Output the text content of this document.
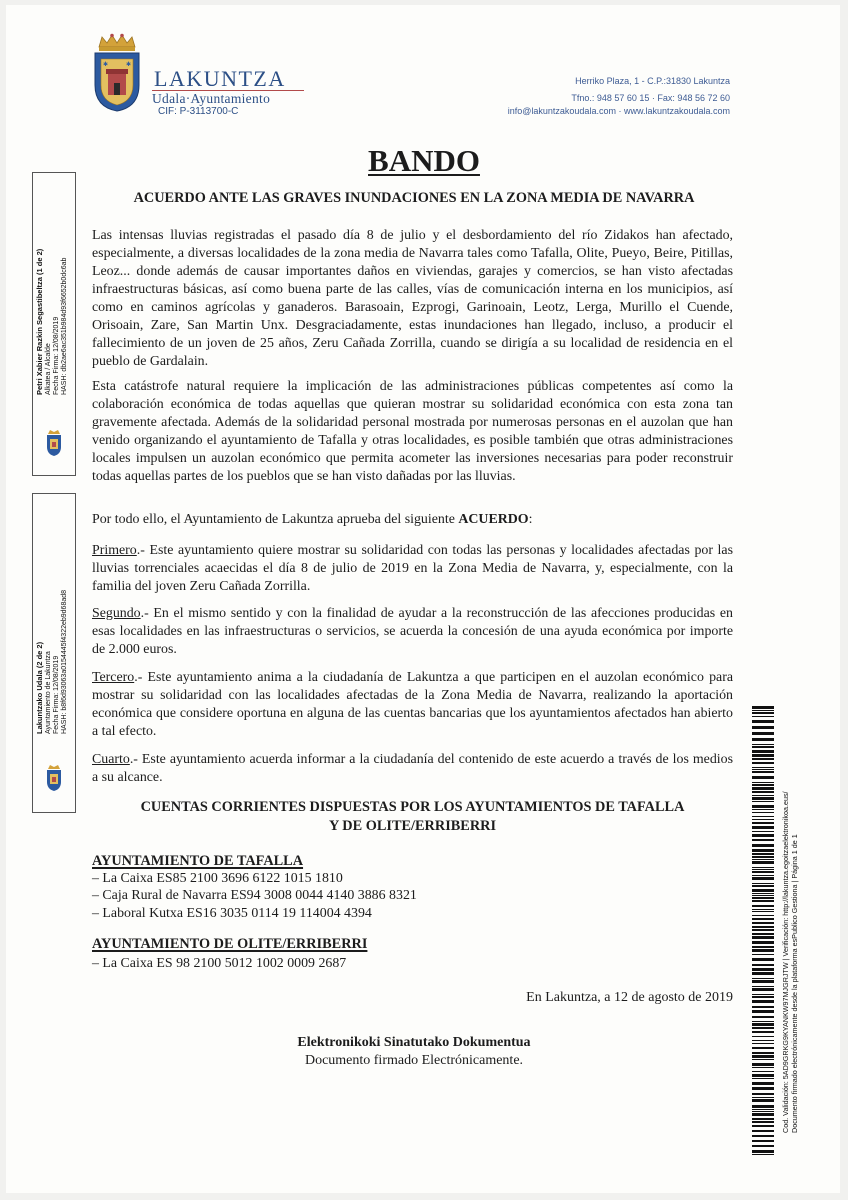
✱	✱
LAKUNTZA
Udala·Ayuntamiento
CIF: P-3113700-C
Herriko Plaza, 1 - C.P.:31830 Lakuntza
Tfno.: 948 57 60 15 · Fax: 948 56 72 60
info@lakuntzakoudala.com · www.lakuntzakoudala.com
BANDO
ACUERDO ANTE LAS GRAVES INUNDACIONES EN LA ZONA MEDIA DE NAVARRA
Las intensas lluvias registradas el pasado día 8 de julio y el desbordamiento del río Zidakos han afectado, especialmente, a diversas localidades de la zona media de Navarra tales como Tafalla, Olite, Pueyo, Beire, Pitillas, Leoz... donde además de causar importantes daños en viviendas, garajes y comercios, se han visto afectadas infraestructuras básicas, así como buena parte de las calles, vías de comunicación interna en los municipios, así como en caminos agrícolas y ganaderos. Barasoain, Ezprogi, Garinoain, Leotz, Lerga, Murillo el Cuende, Orisoain, Zare, San Martin Unx. Desgraciadamente, estas inundaciones han llegado, incluso, a producir el fallecimiento de un joven de 25 años, Zeru Cañada Zorrilla, cuando se dirigía a su localidad de residencia en el pueblo de Gardalain.
Esta catástrofe natural requiere la implicación de las administraciones públicas competentes así como la colaboración económica de todas aquellas que quieran mostrar su solidaridad económica con esta zona tan gravemente afectada. Además de la solidaridad personal mostrada por numerosas personas en el auzolan que han venido organizando el ayuntamiento de Tafalla y otras localidades, es posible también que otras administraciones locales impulsen un auzolan económico que permita acometer las inversiones necesarias para poder reconstruir todas aquellas partes de los pueblos que se han visto dañadas por las lluvias.
Por todo ello, el Ayuntamiento de Lakuntza aprueba del siguiente ACUERDO:
Primero.- Este ayuntamiento quiere mostrar su solidaridad con todas las personas y localidades afectadas por las lluvias torrenciales acaecidas el día 8 de julio de 2019 en la Zona Media de Navarra, y, especialmente, con la familia del joven Zeru Cañada Zorrilla.
Segundo.- En el mismo sentido y con la finalidad de ayudar a la reconstrucción de las afecciones producidas en esas localidades en las infraestructuras o servicios, se acuerda la concesión de una ayuda económica por importe de 2.000 euros.
Tercero.- Este ayuntamiento anima a la ciudadanía de Lakuntza a que participen en el auzolan económico para mostrar su solidaridad con las localidades afectadas de la Zona Media de Navarra, realizando la aportación económica que considere oportuna en alguna de las cuentas bancarias que los ayuntamientos afectados han abierto a tal efecto.
Cuarto.- Este ayuntamiento acuerda informar a la ciudadanía del contenido de este acuerdo a través de los medios a su alcance.
CUENTAS CORRIENTES DISPUESTAS POR LOS AYUNTAMIENTOS DE TAFALLA
Y DE OLITE/ERRIBERRI
AYUNTAMIENTO DE TAFALLA
– La Caixa ES85 2100 3696 6122 1015 1810
– Caja Rural de Navarra ES94 3008 0044 4140 3886 8321
– Laboral Kutxa ES16 3035 0114 19 114004 4394
AYUNTAMIENTO DE OLITE/ERRIBERRI
– La Caixa ES 98 2100 5012 1002 0009 2687
En Lakuntza, a 12 de agosto de 2019
Elektronikoki Sinatutako Dokumentua
Documento firmado Electrónicamente.
Petri Xabier Razkin Segastibeltza (1 de 2) Alkatea / Alcalde Fecha Firma: 12/08/2019 HASH: db2ae6ac351b984d93f6652b0dc6ab
Lakuntzako Udala (2 de 2) Ayuntamiento de Lakuntza Fecha Firma: 12/08/2019 HASH: b8f6d93063a0154445f4322eb9d68ad8
Cod. Validación: 5AD9GRKG9KYANKW97MJGRJTW | Verificación: http://lakuntza.egoitzaelektronikoa.eus/ Documento firmado electrónicamente desde la plataforma esPublico Gestiona | Página 1 de 1
